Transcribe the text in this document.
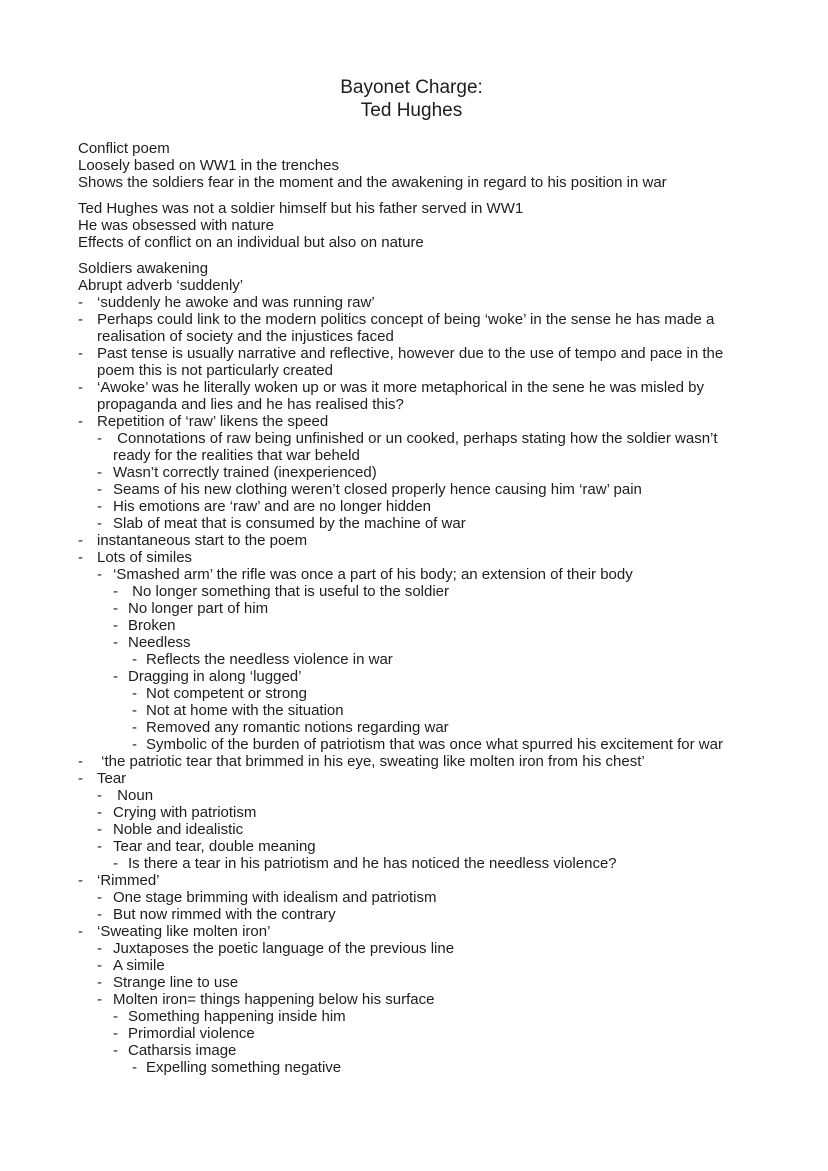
Bayonet Charge:
Ted Hughes
Conflict poem
Loosely based on WW1 in the trenches
Shows the soldiers fear in the moment and the awakening in regard to his position in war
Ted Hughes was not a soldier himself but his father served in WW1
He was obsessed with nature
Effects of conflict on an individual but also on nature
Soldiers awakening
Abrupt adverb ‘suddenly’
- ‘suddenly he awoke and was running raw’
- Perhaps could link to the modern politics concept of being ‘woke’ in the sense he has made a realisation of society and the injustices faced
- Past tense is usually narrative and reflective, however due to the use of tempo and pace in the poem this is not particularly created
- ‘Awoke’ was he literally woken up or was it more metaphorical in the sene he was misled by propaganda and lies and he has realised this?
- Repetition of ‘raw’ likens the speed
- Connotations of raw being unfinished or un cooked, perhaps stating how the soldier wasn’t ready for the realities that war beheld
- Wasn’t correctly trained (inexperienced)
- Seams of his new clothing weren’t closed properly hence causing him ‘raw’ pain
- His emotions are ‘raw’ and are no longer hidden
- Slab of meat that is consumed by the machine of war
- instantaneous start to the poem
- Lots of similes
- ‘Smashed arm’ the rifle was once a part of his body; an extension of their body
- No longer something that is useful to the soldier
- No longer part of him
- Broken
- Needless
- Reflects the needless violence in war
- Dragging in along ‘lugged’
- Not competent or strong
- Not at home with the situation
- Removed any romantic notions regarding war
- Symbolic of the burden of patriotism that was once what spurred his excitement for war
- ‘the patriotic tear that brimmed in his eye, sweating like molten iron from his chest’
- Tear
- Noun
- Crying with patriotism
- Noble and idealistic
- Tear and tear, double meaning
- Is there a tear in his patriotism and he has noticed the needless violence?
- ‘Rimmed’
- One stage brimming with idealism and patriotism
- But now rimmed with the contrary
- ‘Sweating like molten iron’
- Juxtaposes the poetic language of the previous line
- A simile
- Strange line to use
- Molten iron= things happening below his surface
- Something happening inside him
- Primordial violence
- Catharsis image
- Expelling something negative
